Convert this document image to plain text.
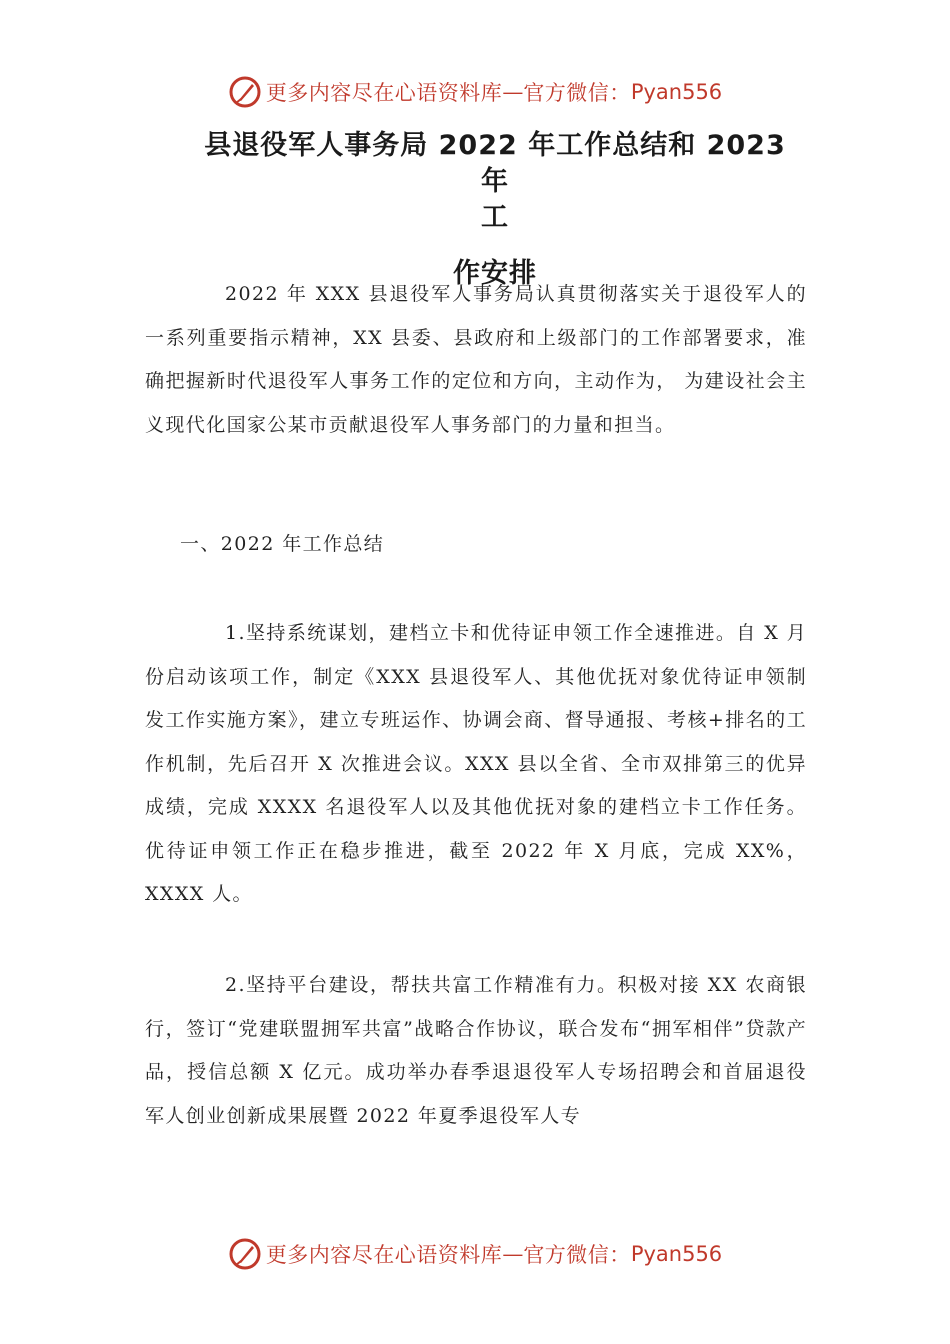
更多内容尽在心语资料库 — 官方微信： Pyan556
县退役军人事务局 2022 年工作总结和 2023 年
工
作安排
2022 年 XXX 县退役军人事务局认真贯彻落实关于退役军人的一系列重要指示精神，XX 县委、县政府和上级部门的工作部署要求，准确把握新时代退役军人事务工作的定位和方向，主动作为， 为建设社会主义现代化国家公某市贡献退役军人事务部门的力量和担当。
一、2022 年工作总结
1.坚持系统谋划，建档立卡和优待证申领工作全速推进。自 X 月份启动该项工作，制定《XXX 县退役军人、其他优抚对象优待证申领制发工作实施方案》，建立专班运作、协调会商、督导通报、考核+排名的工作机制，先后召开 X 次推进会议。XXX 县以全省、全市双排第三的优异成绩，完成 XXXX 名退役军人以及其他优抚对象的建档立卡工作任务。优待证申领工作正在稳步推进，截至 2022 年 X 月底，完成 XX%，XXXX 人。
2.坚持平台建设，帮扶共富工作精准有力。积极对接 XX 农商银行，签订“党建联盟拥军共富”战略合作协议，联合发布“拥军相伴”贷款产品，授信总额 X 亿元。成功举办春季退退役军人专场招聘会和首届退役军人创业创新成果展暨 2022 年夏季退役军人专
更多内容尽在心语资料库 — 官方微信： Pyan556
